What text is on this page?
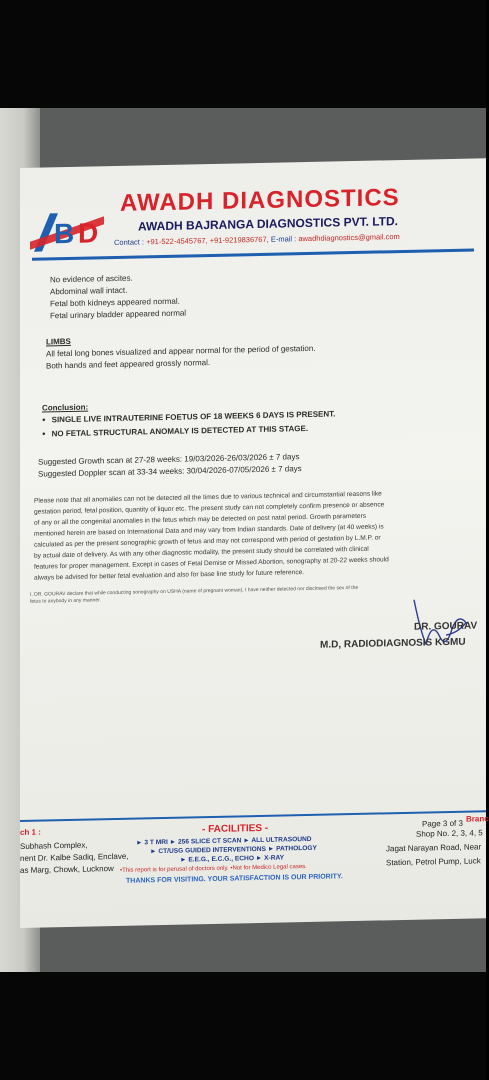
B D
AWADH DIAGNOSTICS
AWADH BAJRANGA DIAGNOSTICS PVT. LTD.
Contact : +91-522-4545767, +91-9219836767, E-mail : awadhdiagnostics@gmail.com
No evidence of ascites.
Abdominal wall intact.
Fetal both kidneys appeared normal.
Fetal urinary bladder appeared normal
LIMBS
All fetal long bones visualized and appear normal for the period of gestation.
Both hands and feet appeared grossly normal.
Conclusion:
● SINGLE LIVE INTRAUTERINE FOETUS OF 18 WEEKS 6 DAYS IS PRESENT.
● NO FETAL STRUCTURAL ANOMALY IS DETECTED AT THIS STAGE.
Suggested Growth scan at 27-28 weeks: 19/03/2026-26/03/2026 ± 7 days
Suggested Doppler scan at 33-34 weeks: 30/04/2026-07/05/2026 ± 7 days
Please note that all anomalies can not be detected all the times due to various technical and circumstantial reasons like
gestation period, fetal position, quantity of liquor etc. The present study can not completely confirm presence or absence
of any or all the congenital anomalies in the fetus which may be detected on post natal period. Growth parameters
mentioned herein are based on International Data and may vary from Indian standards. Date of delivery (at 40 weeks) is
calculated as per the present sonographic growth of fetus and may not correspond with period of gestation by L.M.P. or
by actual date of delivery. As with any other diagnostic modality, the present study should be correlated with clinical
features for proper management. Except in cases of Fetal Demise or Missed Abortion, sonography at 20-22 weeks should
always be advised for better fetal evaluation and also for base line study for future reference.
I, DR. GOURAV declare that while conducting sonography on USHA (name of pregnant woman), I have neither detected nor disclosed the sex of the
fetus to anybody in any manner.
DR. GOURAV
M.D, RADIODIAGNOSIS KGMU
ch 1 :
Subhash Complex,
nent Dr. Kalbe Sadiq, Enclave,
as Marg, Chowk, Lucknow
- FACILITIES -
► 3 T MRI ► 256 SLICE CT SCAN ► ALL ULTRASOUND
► CT/USG GUIDED INTERVENTIONS ► PATHOLOGY
► E.E.G., E.C.G., ECHO ► X-RAY
•This report is for perusal of doctors only. •Not for Medico Legal cases.
THANKS FOR VISITING. YOUR SATISFACTION IS OUR PRIORITY.
Page 3 of 3 Branc
Shop No. 2, 3, 4, 5
Jagat Narayan Road, Near
Station, Petrol Pump, Luck
